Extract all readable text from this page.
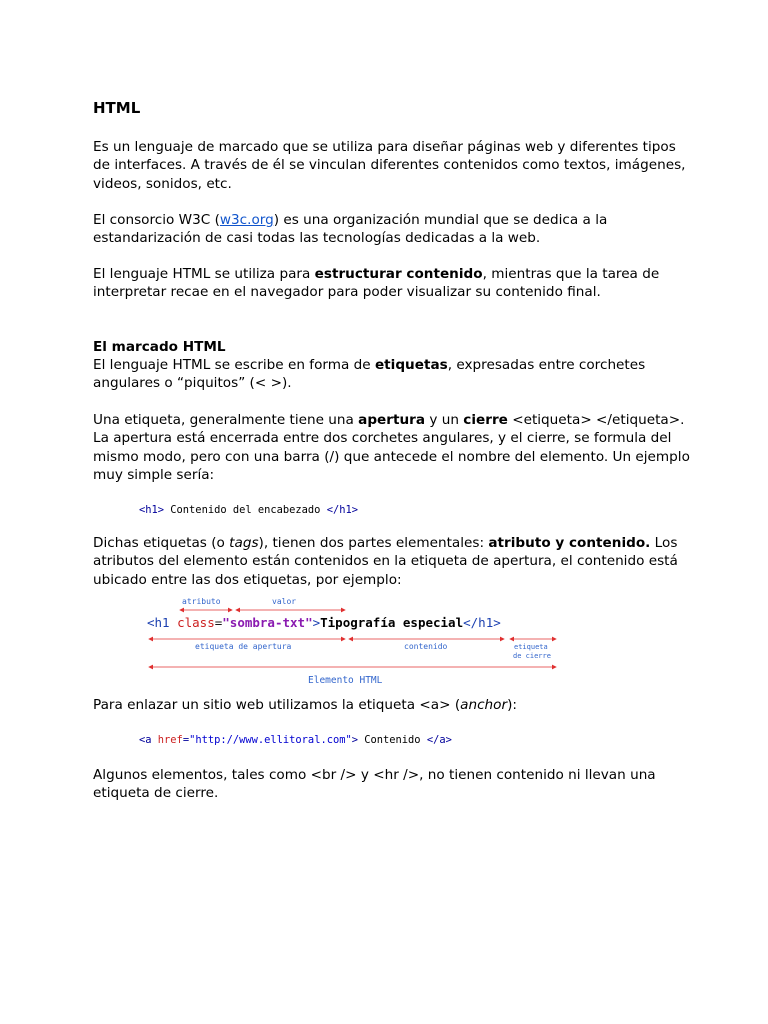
HTML
Es un lenguaje de marcado que se utiliza para diseñar páginas web y diferentes tipos de interfaces. A través de él se vinculan diferentes contenidos como textos, imágenes, videos, sonidos, etc.
El consorcio W3C (w3c.org) es una organización mundial que se dedica a la estandarización de casi todas las tecnologías dedicadas a la web.
El lenguaje HTML se utiliza para estructurar contenido, mientras que la tarea de interpretar recae en el navegador para poder visualizar su contenido final.
El marcado HTML
El lenguaje HTML se escribe en forma de etiquetas, expresadas entre corchetes angulares o “piquitos” (< >).
Una etiqueta, generalmente tiene una apertura y un cierre <etiqueta> </etiqueta>. La apertura está encerrada entre dos corchetes angulares, y el cierre, se formula del mismo modo, pero con una barra (/) que antecede el nombre del elemento. Un ejemplo muy simple sería:
<h1> Contenido del encabezado </h1>
Dichas etiquetas (o tags), tienen dos partes elementales: atributo y contenido. Los atributos del elemento están contenidos en la etiqueta de apertura, el contenido está ubicado entre las dos etiquetas, por ejemplo:
atributo	valor
<h1 class="sombra-txt">Tipografía especial</h1>
etiqueta de apertura	contenido	etiqueta
de cierre
Elemento HTML
Para enlazar un sitio web utilizamos la etiqueta <a> (anchor):
<a href="http://www.ellitoral.com"> Contenido </a>
Algunos elementos, tales como <br /> y <hr />, no tienen contenido ni llevan una etiqueta de cierre.
